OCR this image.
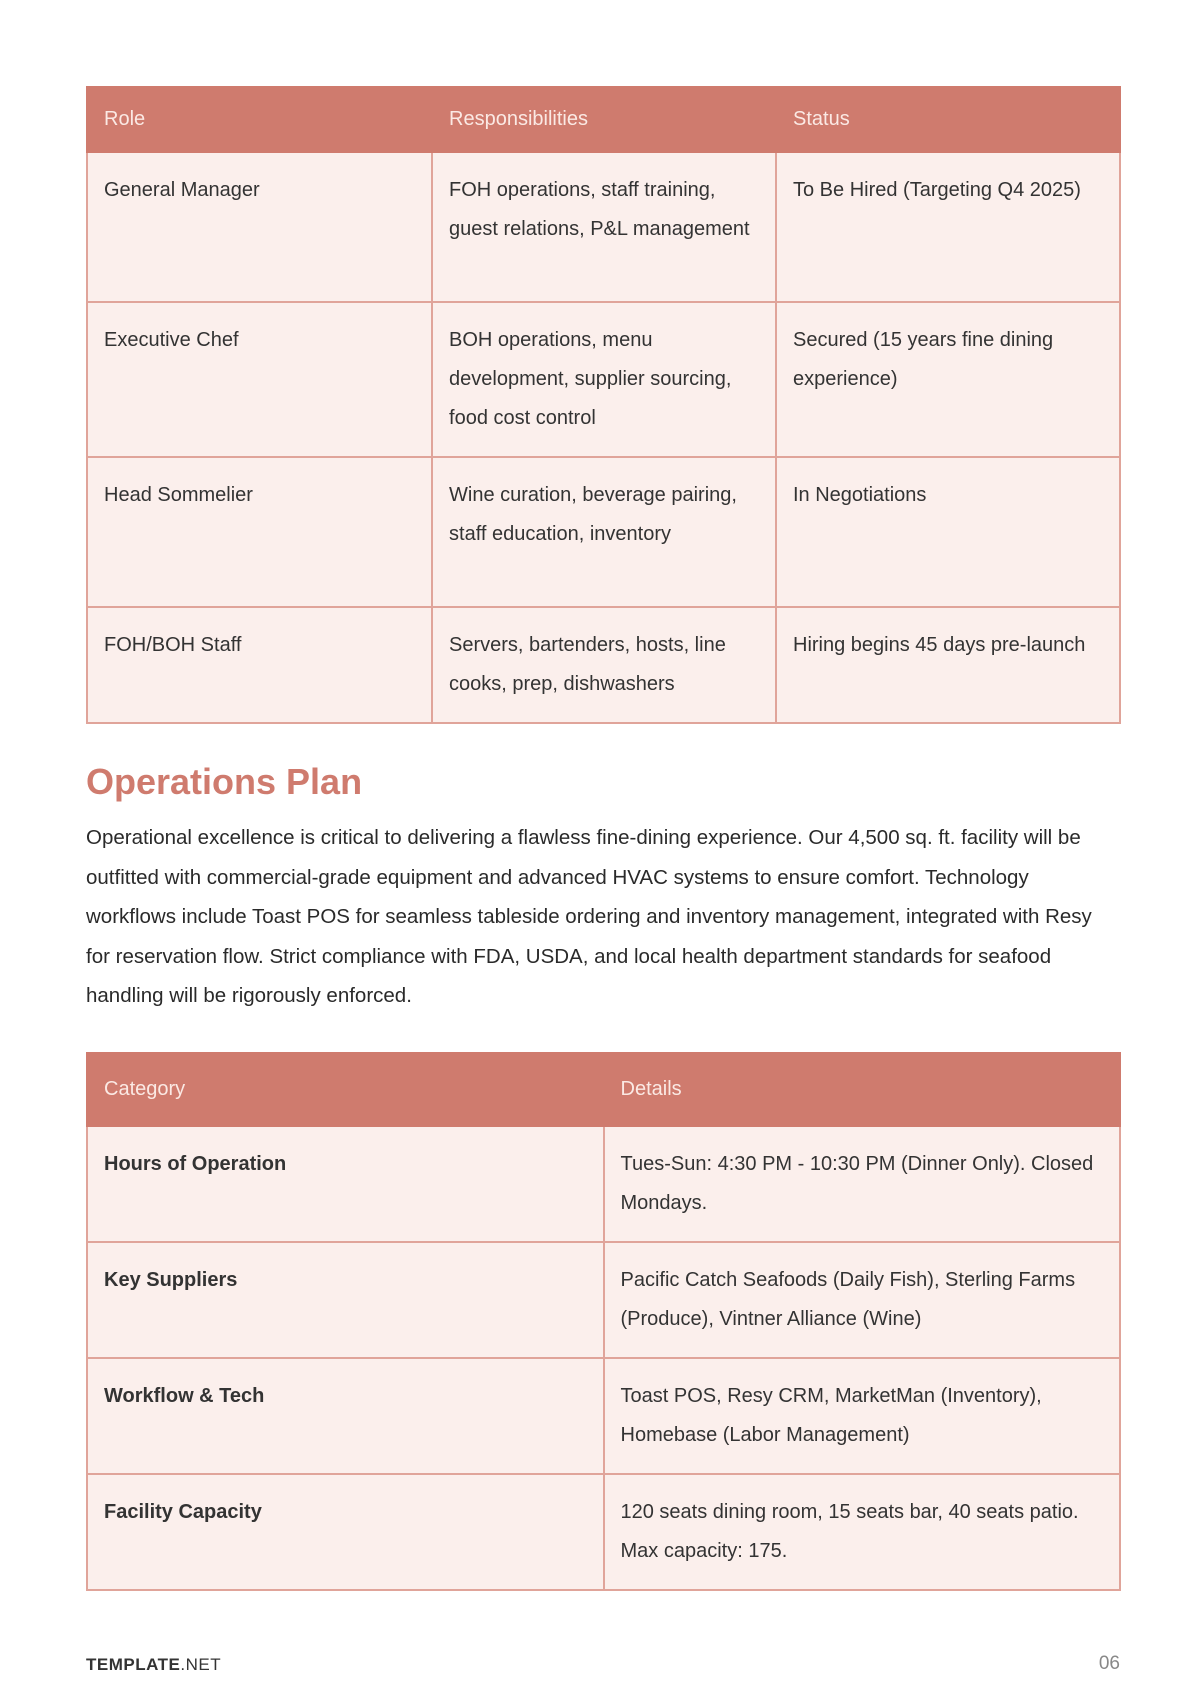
Role	Responsibilities	Status
General Manager	FOH operations, staff training, guest relations, P&L management	To Be Hired (Targeting Q4 2025)
Executive Chef	BOH operations, menu development, supplier sourcing, food cost control	Secured (15 years fine dining experience)
Head Sommelier	Wine curation, beverage pairing, staff education, inventory	In Negotiations
FOH/BOH Staff	Servers, bartenders, hosts, line cooks, prep, dishwashers	Hiring begins 45 days pre-launch
Operations Plan

Operational excellence is critical to delivering a flawless fine-dining experience. Our 4,500 sq. ft. facility will be outfitted with commercial-grade equipment and advanced HVAC systems to ensure comfort. Technology workflows include Toast POS for seamless tableside ordering and inventory management, integrated with Resy for reservation flow. Strict compliance with FDA, USDA, and local health department standards for seafood handling will be rigorously enforced.

Category	Details
Hours of Operation	Tues-Sun: 4:30 PM - 10:30 PM (Dinner Only). Closed Mondays.
Key Suppliers	Pacific Catch Seafoods (Daily Fish), Sterling Farms (Produce), Vintner Alliance (Wine)
Workflow & Tech	Toast POS, Resy CRM, MarketMan (Inventory), Homebase (Labor Management)
Facility Capacity	120 seats dining room, 15 seats bar, 40 seats patio. Max capacity: 175.
TEMPLATE.NET	06
